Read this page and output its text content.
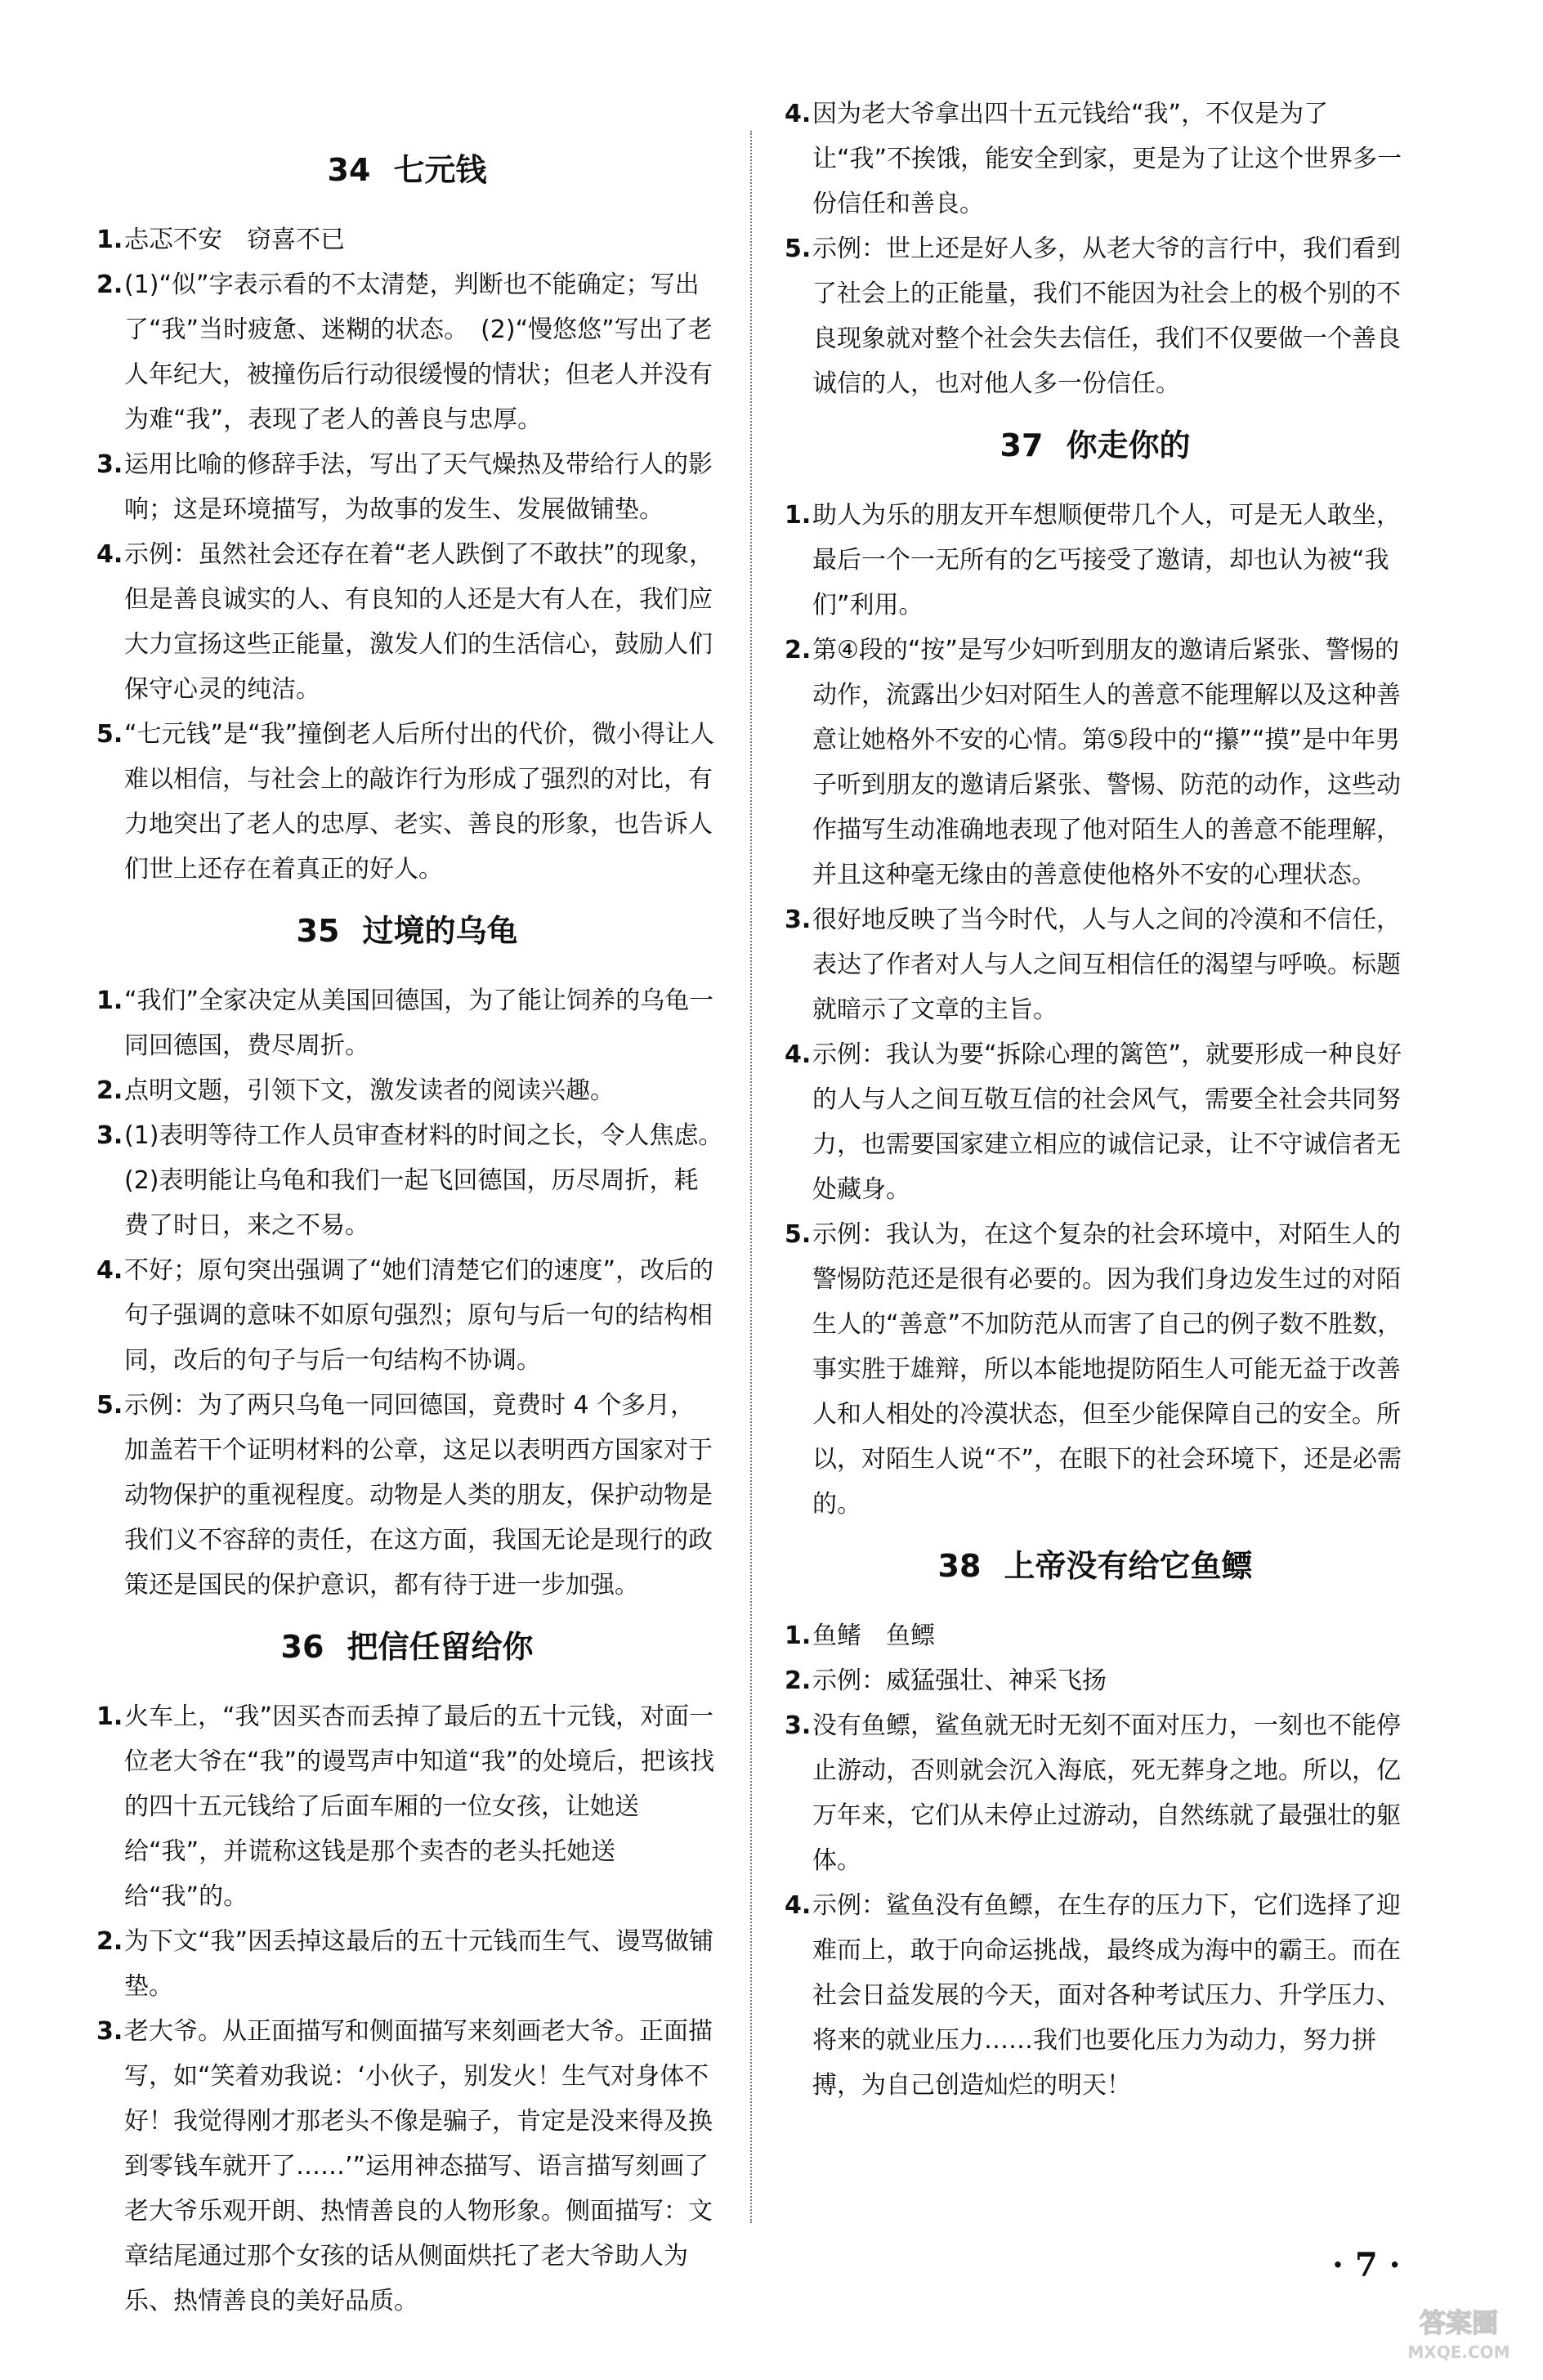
34 七元钱
1. 忐忑不安　窃喜不已
2. (1)“似”字表示看的不太清楚，判断也不能确定；写出了“我”当时疲惫、迷糊的状态。　(2)“慢悠悠”写出了老人年纪大，被撞伤后行动很缓慢的情状；但老人并没有为难“我”，表现了老人的善良与忠厚。
3. 运用比喻的修辞手法，写出了天气燥热及带给行人的影响；这是环境描写，为故事的发生、发展做铺垫。
4. 示例：虽然社会还存在着“老人跌倒了不敢扶”的现象，但是善良诚实的人、有良知的人还是大有人在，我们应大力宣扬这些正能量，激发人们的生活信心，鼓励人们保守心灵的纯洁。
5. “七元钱”是“我”撞倒老人后所付出的代价，微小得让人难以相信，与社会上的敲诈行为形成了强烈的对比，有力地突出了老人的忠厚、老实、善良的形象，也告诉人们世上还存在着真正的好人。
35 过境的乌龟
1. “我们”全家决定从美国回德国，为了能让饲养的乌龟一同回德国，费尽周折。
2. 点明文题，引领下文，激发读者的阅读兴趣。
3. (1)表明等待工作人员审查材料的时间之长，令人焦虑。　(2)表明能让乌龟和我们一起飞回德国，历尽周折，耗费了时日，来之不易。
4. 不好；原句突出强调了“她们清楚它们的速度”，改后的句子强调的意味不如原句强烈；原句与后一句的结构相同，改后的句子与后一句结构不协调。
5. 示例：为了两只乌龟一同回德国，竟费时 4 个多月，加盖若干个证明材料的公章，这足以表明西方国家对于动物保护的重视程度。动物是人类的朋友，保护动物是我们义不容辞的责任，在这方面，我国无论是现行的政策还是国民的保护意识，都有待于进一步加强。
36 把信任留给你
1. 火车上，“我”因买杏而丢掉了最后的五十元钱，对面一位老大爷在“我”的谩骂声中知道“我”的处境后，把该找的四十五元钱给了后面车厢的一位女孩，让她送给“我”，并谎称这钱是那个卖杏的老头托她送给“我”的。
2. 为下文“我”因丢掉这最后的五十元钱而生气、谩骂做铺垫。
3. 老大爷。从正面描写和侧面描写来刻画老大爷。正面描写，如“笑着劝我说：‘小伙子，别发火！生气对身体不好！我觉得刚才那老头不像是骗子，肯定是没来得及换到零钱车就开了……’”运用神态描写、语言描写刻画了老大爷乐观开朗、热情善良的人物形象。侧面描写：文章结尾通过那个女孩的话从侧面烘托了老大爷助人为乐、热情善良的美好品质。
4. 因为老大爷拿出四十五元钱给“我”，不仅是为了让“我”不挨饿，能安全到家，更是为了让这个世界多一份信任和善良。
5. 示例：世上还是好人多，从老大爷的言行中，我们看到了社会上的正能量，我们不能因为社会上的极个别的不良现象就对整个社会失去信任，我们不仅要做一个善良诚信的人，也对他人多一份信任。
37 你走你的
1. 助人为乐的朋友开车想顺便带几个人，可是无人敢坐，最后一个一无所有的乞丐接受了邀请，却也认为被“我们”利用。
2. 第④段的“按”是写少妇听到朋友的邀请后紧张、警惕的动作，流露出少妇对陌生人的善意不能理解以及这种善意让她格外不安的心情。第⑤段中的“攥”“摸”是中年男子听到朋友的邀请后紧张、警惕、防范的动作，这些动作描写生动准确地表现了他对陌生人的善意不能理解，并且这种毫无缘由的善意使他格外不安的心理状态。
3. 很好地反映了当今时代，人与人之间的冷漠和不信任，表达了作者对人与人之间互相信任的渴望与呼唤。标题就暗示了文章的主旨。
4. 示例：我认为要“拆除心理的篱笆”，就要形成一种良好的人与人之间互敬互信的社会风气，需要全社会共同努力，也需要国家建立相应的诚信记录，让不守诚信者无处藏身。
5. 示例：我认为，在这个复杂的社会环境中，对陌生人的警惕防范还是很有必要的。因为我们身边发生过的对陌生人的“善意”不加防范从而害了自己的例子数不胜数，事实胜于雄辩，所以本能地提防陌生人可能无益于改善人和人相处的冷漠状态，但至少能保障自己的安全。所以，对陌生人说“不”，在眼下的社会环境下，还是必需的。
38 上帝没有给它鱼鳔
1. 鱼鳍　鱼鳔
2. 示例：威猛强壮、神采飞扬
3. 没有鱼鳔，鲨鱼就无时无刻不面对压力，一刻也不能停止游动，否则就会沉入海底，死无葬身之地。所以，亿万年来，它们从未停止过游动，自然练就了最强壮的躯体。
4. 示例：鲨鱼没有鱼鳔，在生存的压力下，它们选择了迎难而上，敢于向命运挑战，最终成为海中的霸王。而在社会日益发展的今天，面对各种考试压力、升学压力、将来的就业压力……我们也要化压力为动力，努力拼搏，为自己创造灿烂的明天！
· 7 ·
答案圈
MXQE.COM
